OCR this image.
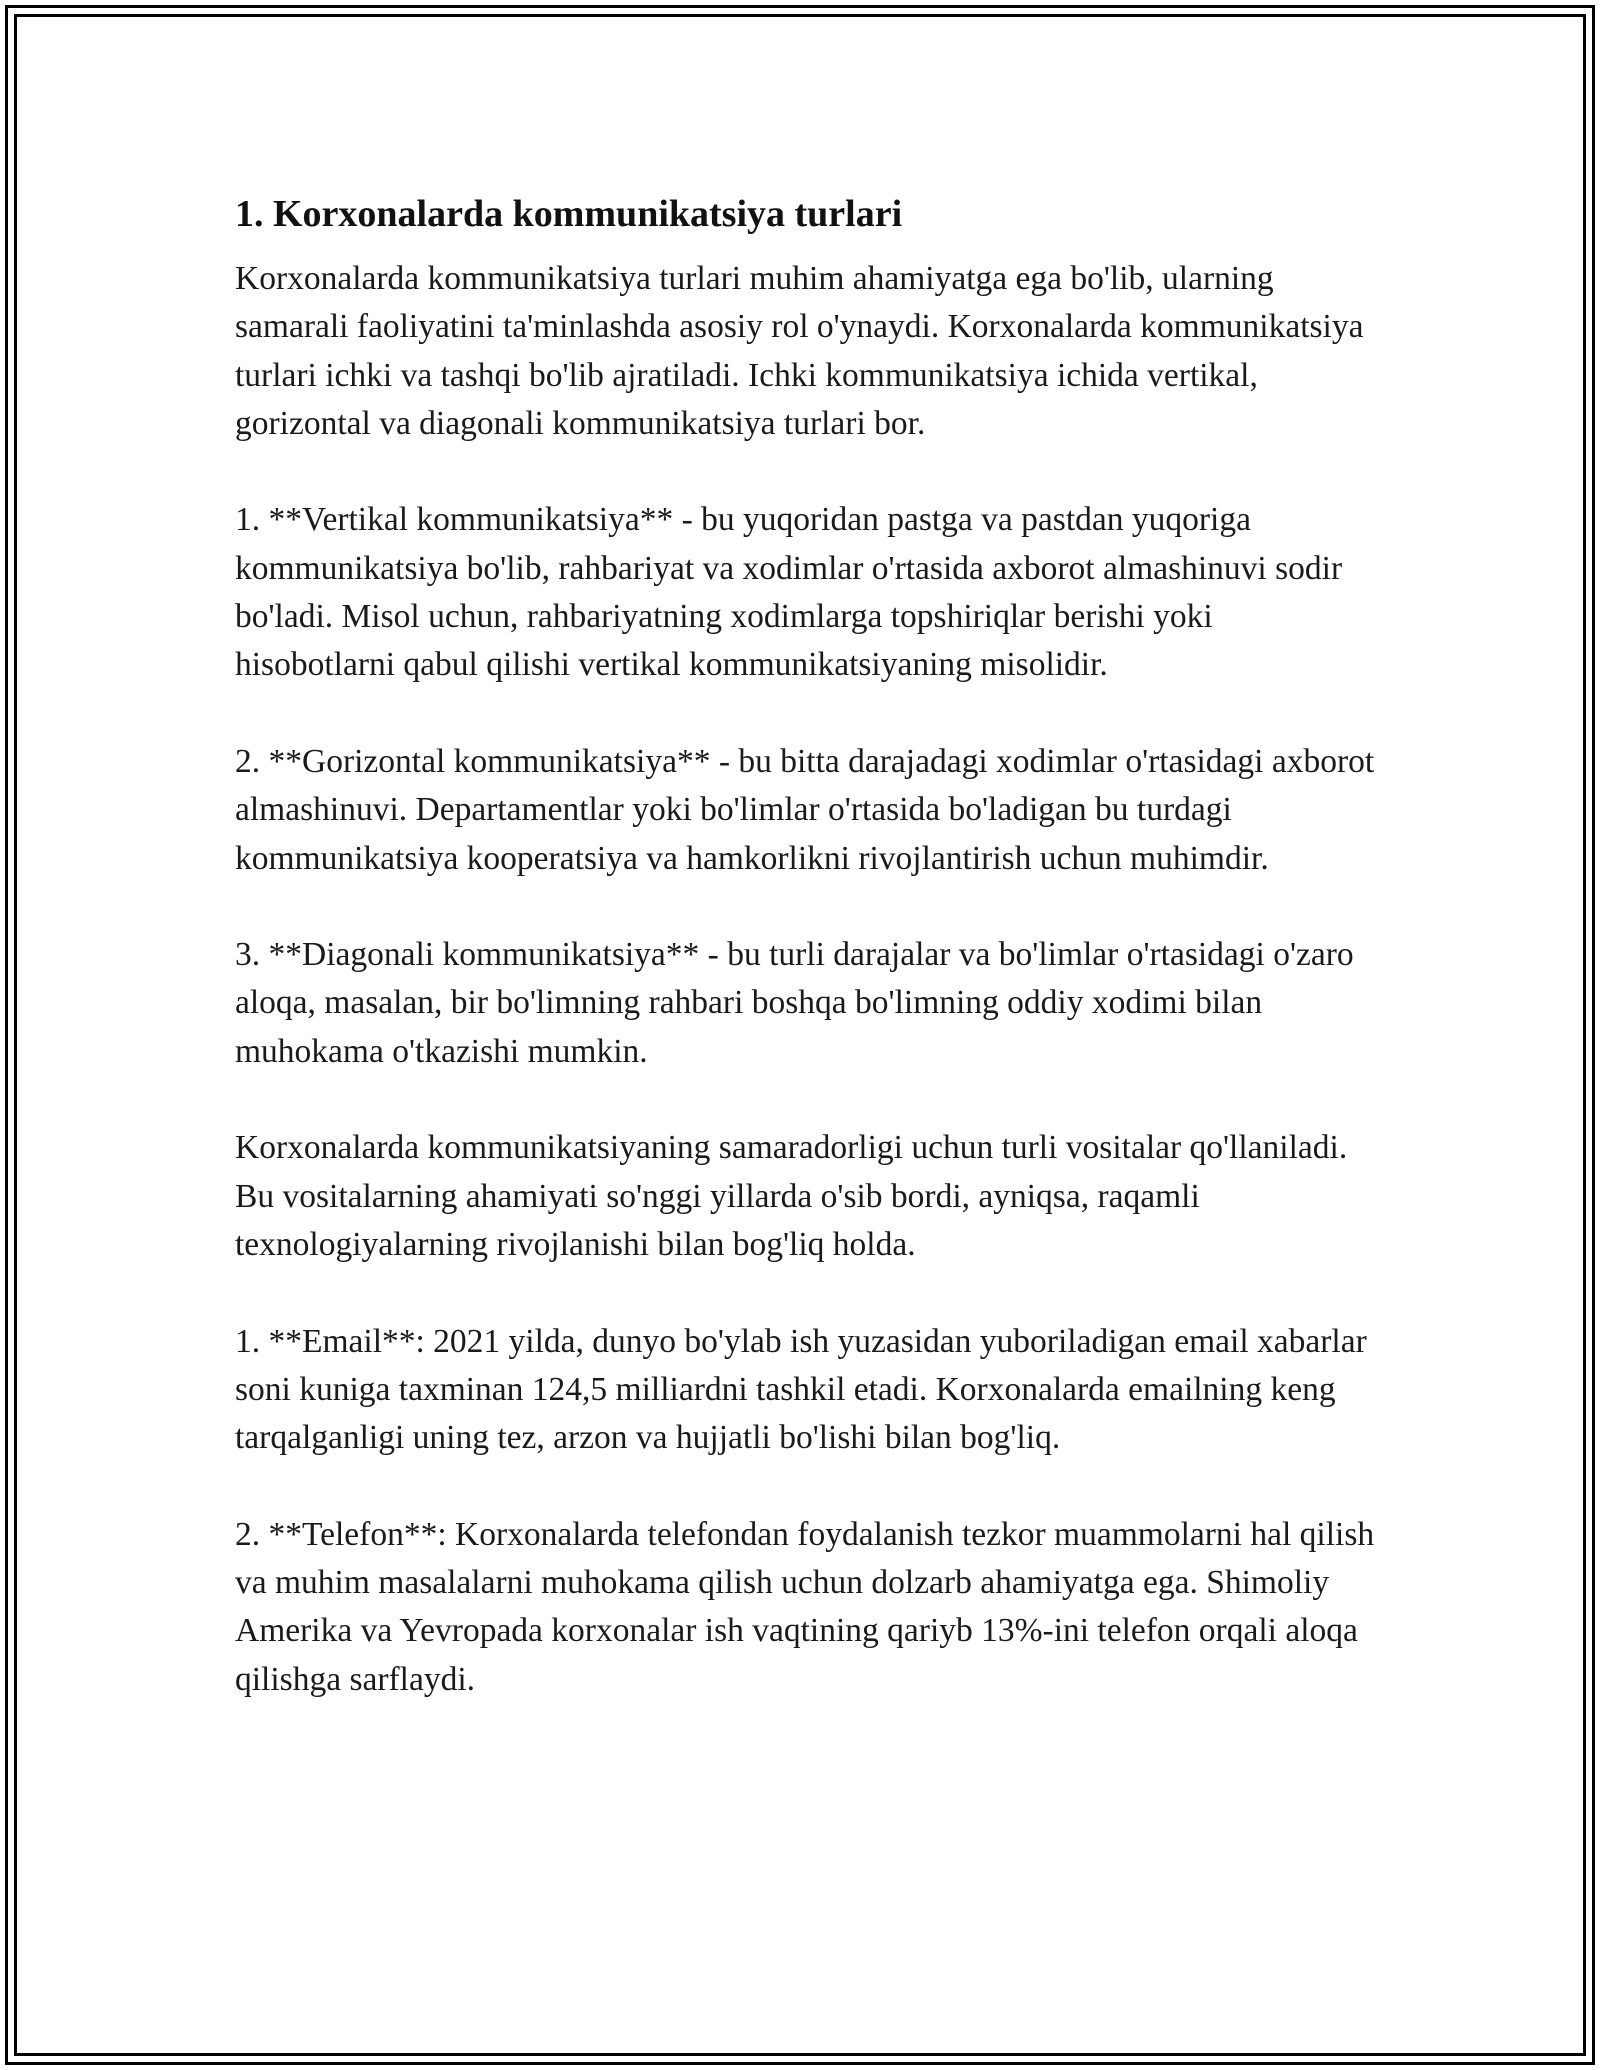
1. Korxonalarda kommunikatsiya turlari

Korxonalarda kommunikatsiya turlari muhim ahamiyatga ega bo'lib, ularning samarali faoliyatini ta'minlashda asosiy rol o'ynaydi. Korxonalarda kommunikatsiya turlari ichki va tashqi bo'lib ajratiladi. Ichki kommunikatsiya ichida vertikal, gorizontal va diagonali kommunikatsiya turlari bor.

1. **Vertikal kommunikatsiya** - bu yuqoridan pastga va pastdan yuqoriga kommunikatsiya bo'lib, rahbariyat va xodimlar o'rtasida axborot almashinuvi sodir bo'ladi. Misol uchun, rahbariyatning xodimlarga topshiriqlar berishi yoki hisobotlarni qabul qilishi vertikal kommunikatsiyaning misolidir.

2. **Gorizontal kommunikatsiya** - bu bitta darajadagi xodimlar o'rtasidagi axborot almashinuvi. Departamentlar yoki bo'limlar o'rtasida bo'ladigan bu turdagi kommunikatsiya kooperatsiya va hamkorlikni rivojlantirish uchun muhimdir.

3. **Diagonali kommunikatsiya** - bu turli darajalar va bo'limlar o'rtasidagi o'zaro aloqa, masalan, bir bo'limning rahbari boshqa bo'limning oddiy xodimi bilan muhokama o'tkazishi mumkin.

Korxonalarda kommunikatsiyaning samaradorligi uchun turli vositalar qo'llaniladi. Bu vositalarning ahamiyati so'nggi yillarda o'sib bordi, ayniqsa, raqamli texnologiyalarning rivojlanishi bilan bog'liq holda.

1. **Email**: 2021 yilda, dunyo bo'ylab ish yuzasidan yuboriladigan email xabarlar soni kuniga taxminan 124,5 milliardni tashkil etadi. Korxonalarda emailning keng tarqalganligi uning tez, arzon va hujjatli bo'lishi bilan bog'liq.

2. **Telefon**: Korxonalarda telefondan foydalanish tezkor muammolarni hal qilish va muhim masalalarni muhokama qilish uchun dolzarb ahamiyatga ega. Shimoliy Amerika va Yevropada korxonalar ish vaqtining qariyb 13%-ini telefon orqali aloqa qilishga sarflaydi.
